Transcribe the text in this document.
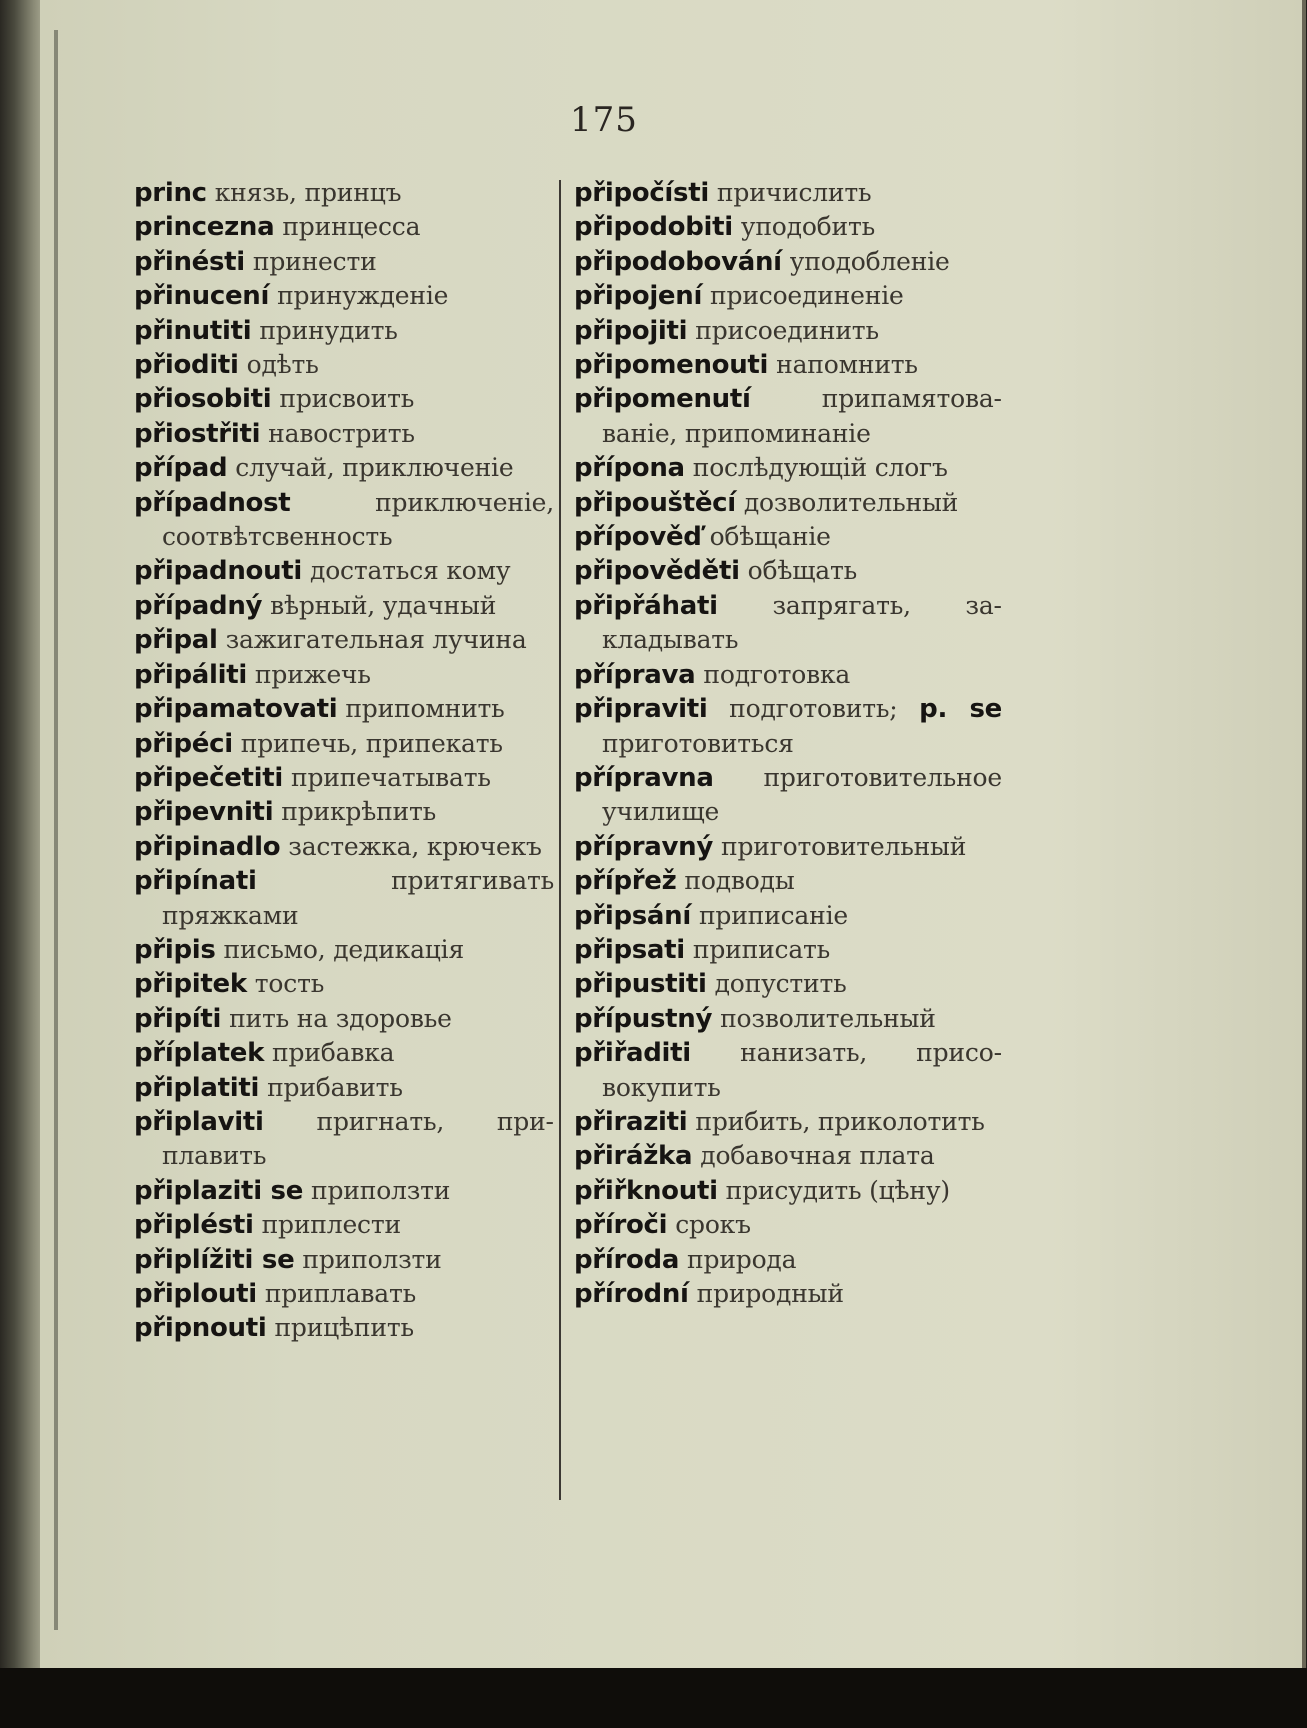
175
princ князь, принцъ
princezna принцесса
přinésti принести
přinucení принужденіе
přinutiti принудить
přioditi одѣть
přiosobiti присвоить
přiostřiti навострить
případ случай, приключеніе
případnost	приключеніе, соотвѣтсвенность
připadnouti достаться кому
případný вѣрный, удачный
připal зажигательная лучина
připáliti прижечь
připamatovati припомнить
připéci припечь, припекать
připečetiti припечатывать
připevniti прикрѣпить
připinadlo застежка, крючекъ
připínati	притягивать пряжками
připis письмо, дедикація
připitek тость
připíti пить на здоровье
příplatek прибавка
připlatiti прибавить
připlaviti пригнать, приплавить
připlaziti se приползти
připlésti приплести
připlížiti se приползти
připlouti приплавать
připnouti прицѣпить
připočísti причислить
připodobiti уподобить
připodobování уподобленіе
připojení присоединеніе
připojiti присоединить
připomenouti напомнить
připomenutí	припамятоваваніе, припоминаніе
přípona послѣдующій слогъ
připouštěcí дозволительный
přípověď обѣщаніе
připověděti обѣщать
připřáhati запрягать, закладывать
příprava подготовка
připraviti подготовить; p. se приготовиться
přípravna приготовительное училище
přípravný приготовительный
přípřež подводы
připsání приписаніе
připsati приписать
připustiti допустить
přípustný позволительный
přiřaditi нанизать, присовокупить
přiraziti прибить, приколотить
přirážka добавочная плата
přiřknouti присудить (цѣну)
příroči срокъ
příroda природа
přírodní природный
